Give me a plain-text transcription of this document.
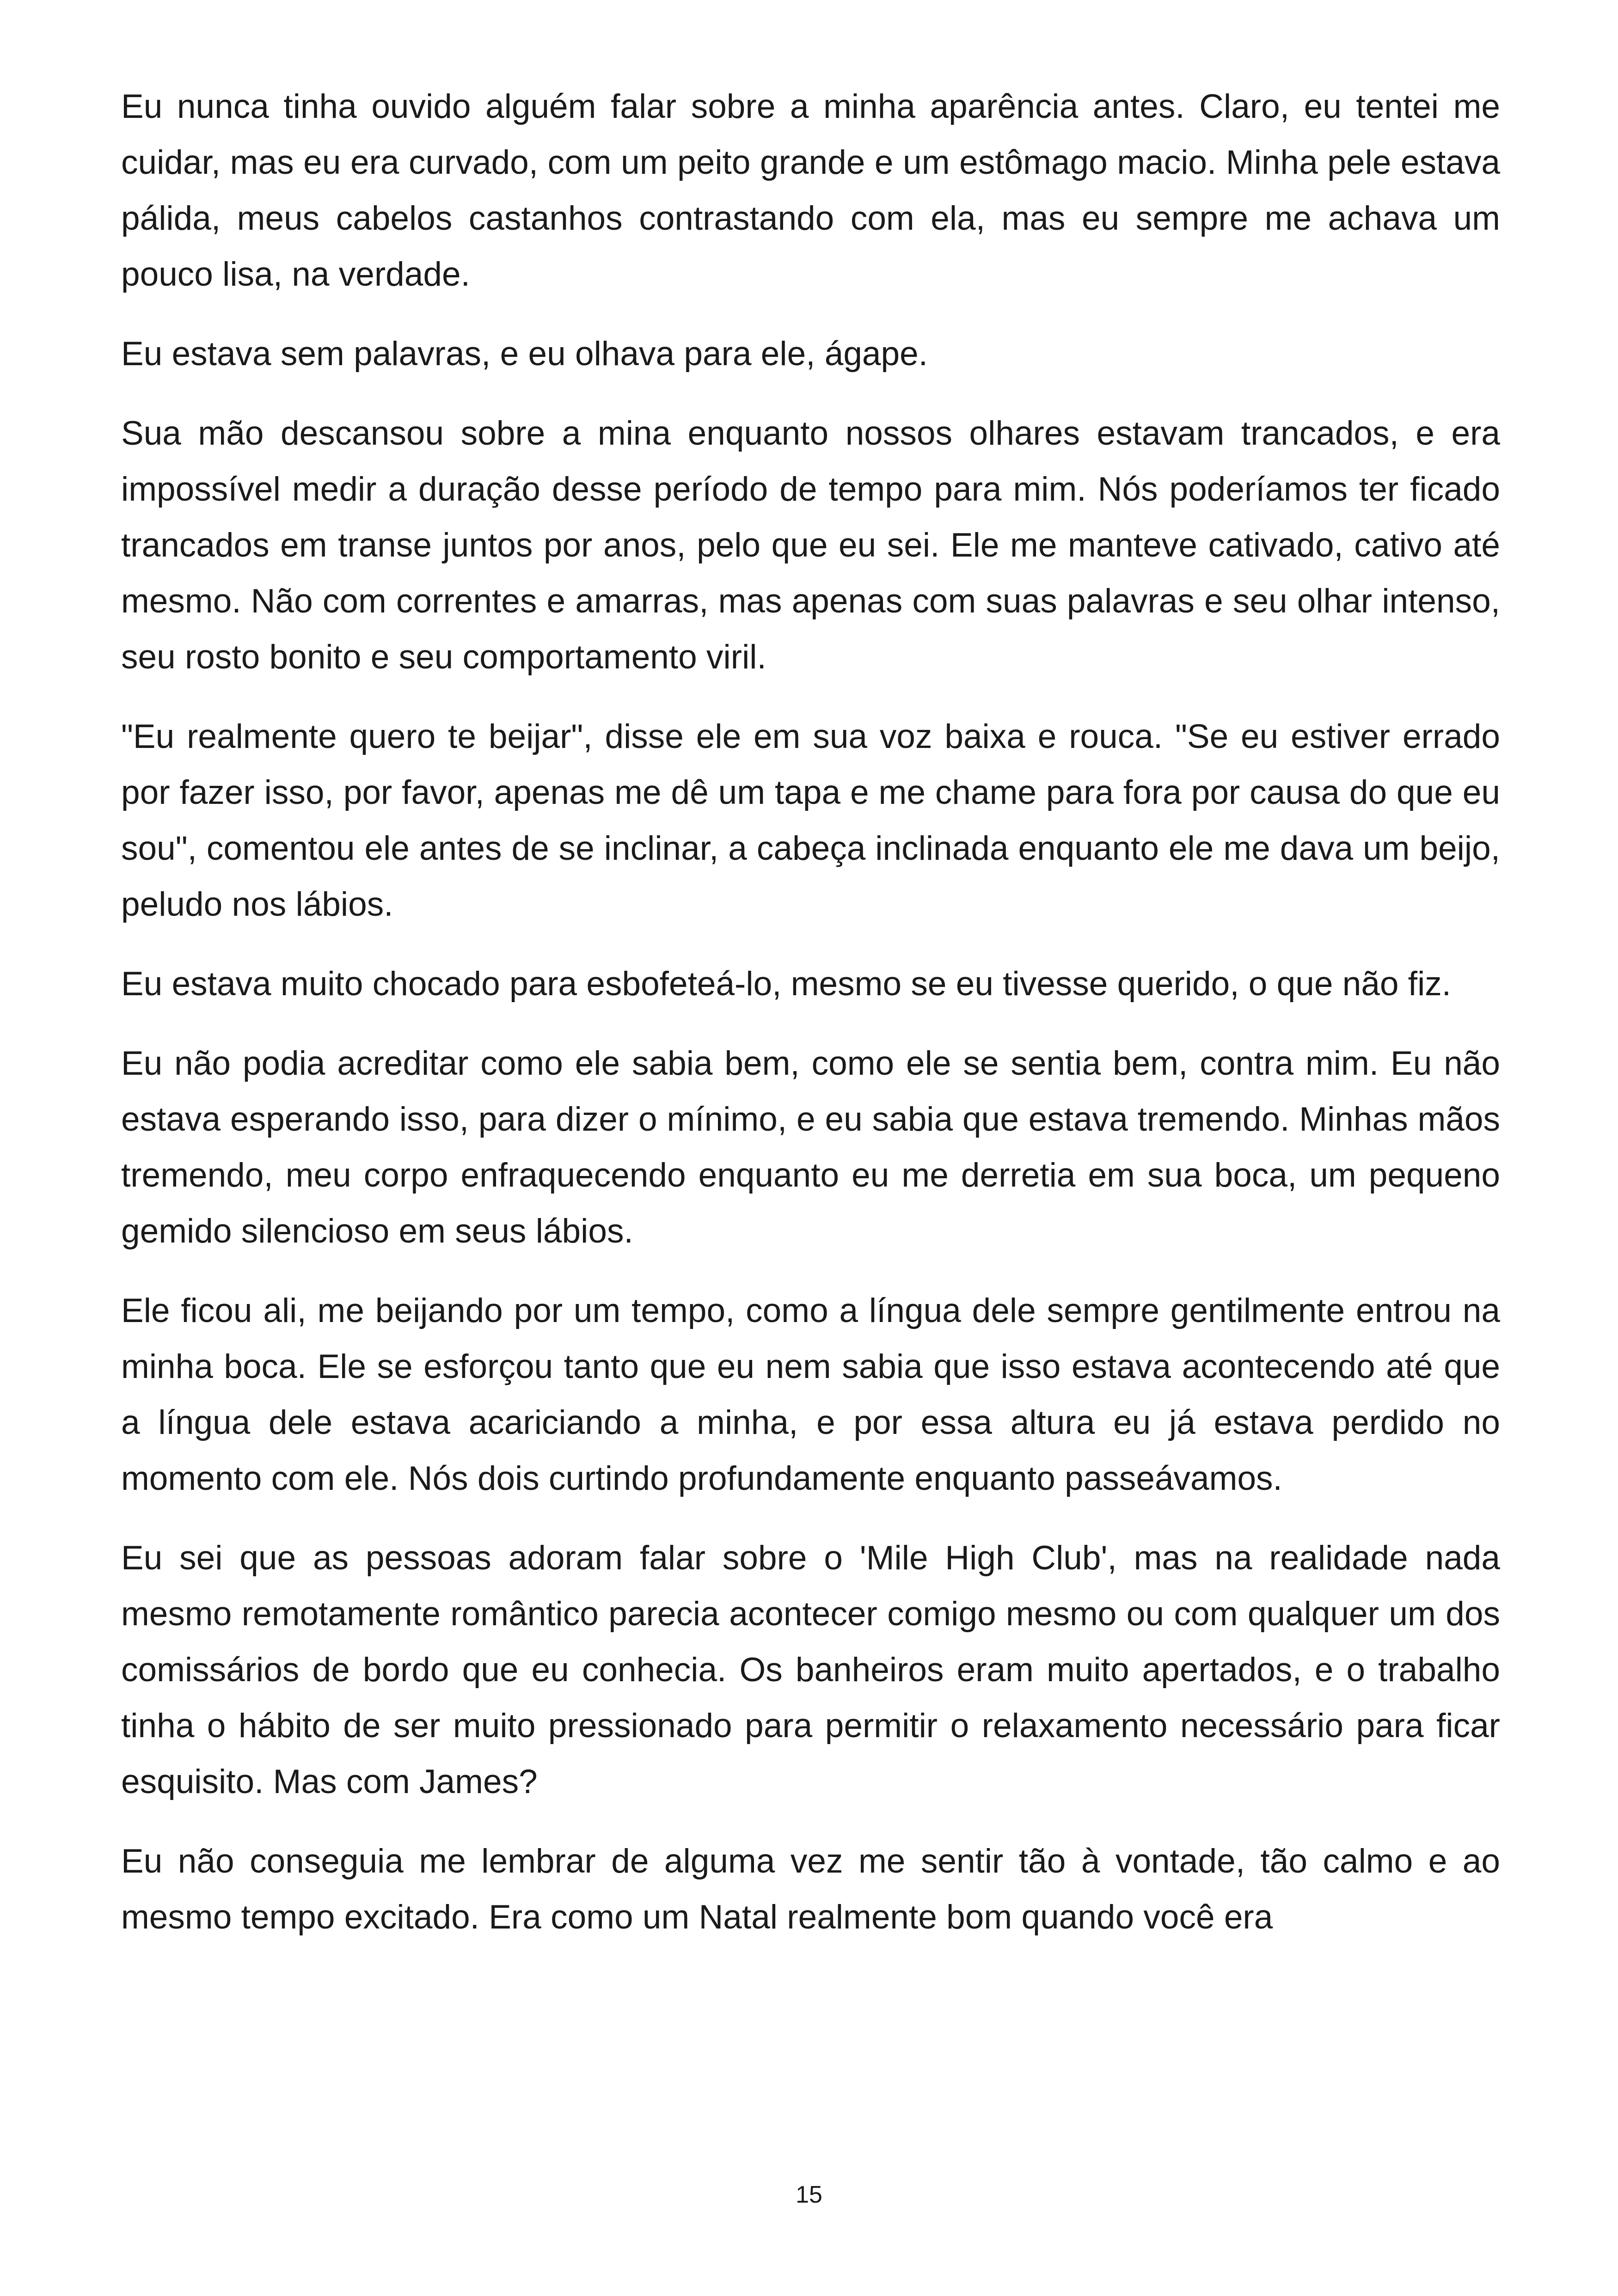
Eu nunca tinha ouvido alguém falar sobre a minha aparência antes. Claro, eu tentei me cuidar, mas eu era curvado, com um peito grande e um estômago macio. Minha pele estava pálida, meus cabelos castanhos contrastando com ela, mas eu sempre me achava um pouco lisa, na verdade.

Eu estava sem palavras, e eu olhava para ele, ágape.

Sua mão descansou sobre a mina enquanto nossos olhares estavam trancados, e era impossível medir a duração desse período de tempo para mim. Nós poderíamos ter ficado trancados em transe juntos por anos, pelo que eu sei. Ele me manteve cativado, cativo até mesmo. Não com correntes e amarras, mas apenas com suas palavras e seu olhar intenso, seu rosto bonito e seu comportamento viril.

"Eu realmente quero te beijar", disse ele em sua voz baixa e rouca. "Se eu estiver errado por fazer isso, por favor, apenas me dê um tapa e me chame para fora por causa do que eu sou", comentou ele antes de se inclinar, a cabeça inclinada enquanto ele me dava um beijo, peludo nos lábios.

Eu estava muito chocado para esbofeteá-lo, mesmo se eu tivesse querido, o que não fiz.

Eu não podia acreditar como ele sabia bem, como ele se sentia bem, contra mim. Eu não estava esperando isso, para dizer o mínimo, e eu sabia que estava tremendo. Minhas mãos tremendo, meu corpo enfraquecendo enquanto eu me derretia em sua boca, um pequeno gemido silencioso em seus lábios.

Ele ficou ali, me beijando por um tempo, como a língua dele sempre gentilmente entrou na minha boca. Ele se esforçou tanto que eu nem sabia que isso estava acontecendo até que a língua dele estava acariciando a minha, e por essa altura eu já estava perdido no momento com ele. Nós dois curtindo profundamente enquanto passeávamos.

Eu sei que as pessoas adoram falar sobre o 'Mile High Club', mas na realidade nada mesmo remotamente romântico parecia acontecer comigo mesmo ou com qualquer um dos comissários de bordo que eu conhecia. Os banheiros eram muito apertados, e o trabalho tinha o hábito de ser muito pressionado para permitir o relaxamento necessário para ficar esquisito. Mas com James?

Eu não conseguia me lembrar de alguma vez me sentir tão à vontade, tão calmo e ao mesmo tempo excitado. Era como um Natal realmente bom quando você era

15
